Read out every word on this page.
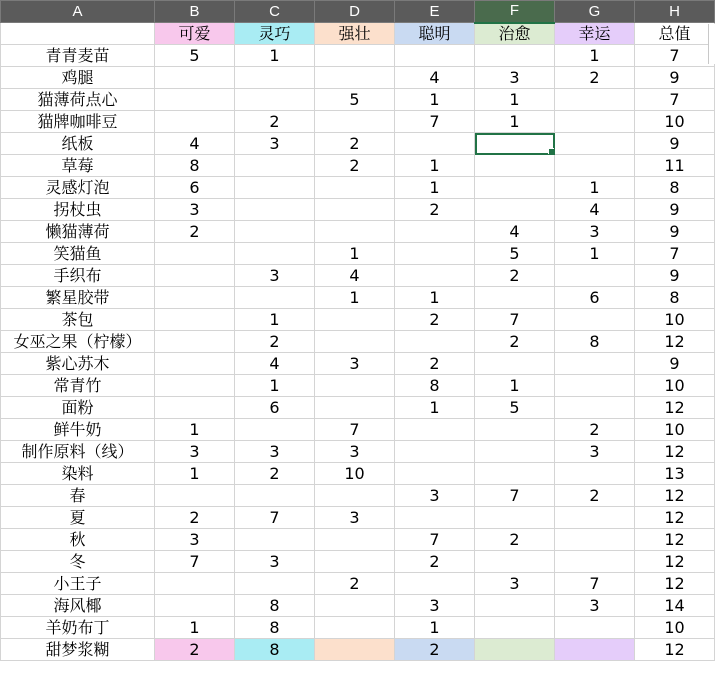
A	B	C	D	E	F	G	H
	可爱	灵巧	强壮	聪明	治愈	幸运	总值
青青麦苗	5	1				1	7
鸡腿				4	3	2	9
猫薄荷点心			5	1	1		7
猫牌咖啡豆		2		7	1		10
纸板	4	3	2				9
草莓	8		2	1			11
灵感灯泡	6			1		1	8
拐杖虫	3			2		4	9
懒猫薄荷	2				4	3	9
笑猫鱼			1		5	1	7
手织布		3	4		2		9
繁星胶带			1	1		6	8
茶包		1		2	7		10
女巫之果（柠檬）		2			2	8	12
紫心苏木		4	3	2			9
常青竹		1		8	1		10
面粉		6		1	5		12
鲜牛奶	1		7			2	10
制作原料（线）	3	3	3			3	12
染料	1	2	10				13
春				3	7	2	12
夏	2	7	3				12
秋	3			7	2		12
冬	7	3		2			12
小王子			2		3	7	12
海风椰		8		3		3	14
羊奶布丁	1	8		1			10
甜梦浆糊	2	8		2			12
